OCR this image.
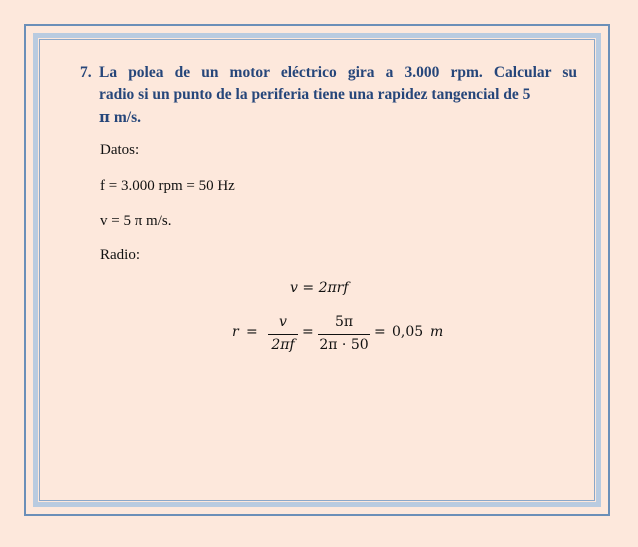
7. La polea de un motor eléctrico gira a 3.000 rpm. Calcular su
radio si un punto de la periferia tiene una rapidez tangencial de 5
π m/s.
Datos:
f = 3.000 rpm = 50 Hz
v = 5 π m/s.
Radio:
v = 2πrf
r =
v
2πf
=
5π
2π · 50
= 0,05 m
